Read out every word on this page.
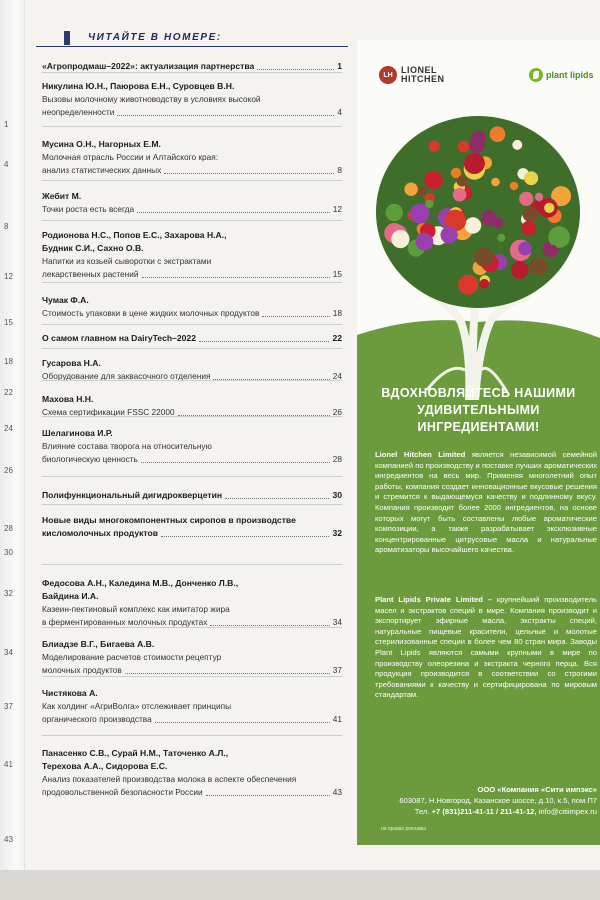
1
4
8
12
15
18
22
24
26
28
30
32
34
37
41
43
ЧИТАЙТЕ В НОМЕРЕ:
«Агропродмаш–2022»: актуализация партнерства	1
Никулина Ю.Н., Паюрова Е.Н., Суровцев В.Н.
Вызовы молочному животноводству в условиях высокой
неопределенности	4
Мусина О.Н., Нагорных Е.М.
Молочная отрасль России и Алтайского края:
анализ статистических данных	8
Жебит М.
Точки роста есть всегда	12
Родионова Н.С., Попов Е.С., Захарова Н.А.,
Будник С.И., Сахно О.В.
Напитки из козьей сыворотки с экстрактами
лекарственных растений	15
Чумак Ф.А.
Стоимость упаковки в цене жидких молочных продуктов	18
О самом главном на DairyTech–2022	22
Гусарова Н.А.
Оборудование для заквасочного отделения	24
Махова Н.Н.
Схема сертификации FSSC 22000	26
Шелагинова И.Р.
Влияние состава творога на относительную
биологическую ценность	28
Полифункциональный дигидрокверцетин	30
Новые виды многокомпонентных сиропов в производстве
кисломолочных продуктов	32
Федосова А.Н., Каледина М.В., Донченко Л.В.,
Байдина И.А.
Казеин-пектиновый комплекс как имитатор жира
в ферментированных молочных продуктах	34
Блиадзе В.Г., Бигаева А.В.
Моделирование расчетов стоимости рецептур
молочных продуктов	37
Чистякова А.
Как холдинг «АгриВолга» отслеживает принципы
органического производства	41
Панасенко С.В., Сурай Н.М., Таточенко А.Л.,
Терехова А.А., Сидорова Е.С.
Анализ показателей производства молока в аспекте обеспечения
продовольственной безопасности России	43
LH LIONEL HITCHEN	plant lipids
ВДОХНОВЛЯЙТЕСЬ НАШИМИ
УДИВИТЕЛЬНЫМИ
ИНГРЕДИЕНТАМИ!
Lionel Hitchen Limited является независимой семейной компанией по производству и поставке лучших ароматических ингредиентов на весь мир. Применяя многолетний опыт работы, компания создает инновационные вкусовые решения и стремится к выдающемуся качеству и подлинному вкусу. Компания производит более 2000 ингредиентов, на основе которых могут быть составлены любые ароматические композиции, а также разрабатывает эксклюзивные концентрированные цитрусовые масла и натуральные ароматизаторы высочайшего качества.
Plant Lipids Private Limited – крупнейший производитель масел и экстрактов специй в мире. Компания производит и экспортирует эфирные масла, экстракты специй, натуральные пищевые красители, цельные и молотые стерилизованные специи в более чем 80 стран мира. Заводы Plant Lipids являются самыми крупными в мире по производству олеорезина и экстракта черного перца. Вся продукция производится в соответствии со строгими требованиями к качеству и сертифицирована по мировым стандартам.
ООО «Компания «Сити импэкс»
603087, Н.Новгород, Казанское шоссе, д.10, к.5, пом.П7
Тел. +7 (831)211-41-11 / 211-41-12, info@citiimpex.ru
на правах рекламы
